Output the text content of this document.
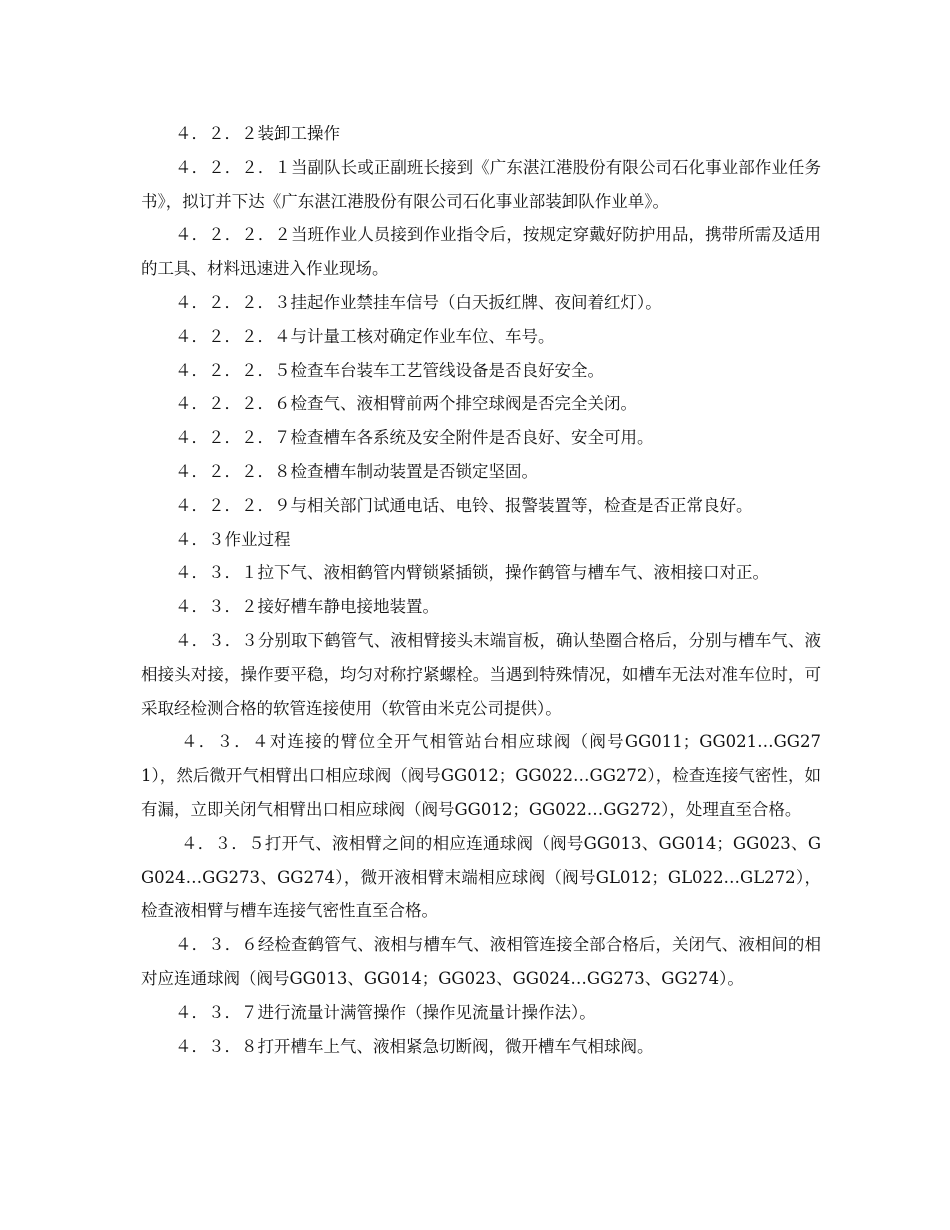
４．２．２装卸工操作

４．２．２．１当副队长或正副班长接到《广东湛江港股份有限公司石化事业部作业任务书》，拟订并下达《广东湛江港股份有限公司石化事业部装卸队作业单》。

４．２．２．２当班作业人员接到作业指令后，按规定穿戴好防护用品，携带所需及适用的工具、材料迅速进入作业现场。

４．２．２．３挂起作业禁挂车信号（白天扳红牌、夜间着红灯）。

４．２．２．４与计量工核对确定作业车位、车号。

４．２．２．５检查车台装车工艺管线设备是否良好安全。

４．２．２．６检查气、液相臂前两个排空球阀是否完全关闭。

４．２．２．７检查槽车各系统及安全附件是否良好、安全可用。

４．２．２．８检查槽车制动装置是否锁定坚固。

４．２．２．９与相关部门试通电话、电铃、报警装置等，检查是否正常良好。

４．３作业过程

４．３．１拉下气、液相鹤管内臂锁紧插锁，操作鹤管与槽车气、液相接口对正。

４．３．２接好槽车静电接地装置。

４．３．３分别取下鹤管气、液相臂接头末端盲板，确认垫圈合格后，分别与槽车气、液相接头对接，操作要平稳，均匀对称拧紧螺栓。当遇到特殊情况，如槽车无法对准车位时，可采取经检测合格的软管连接使用（软管由米克公司提供）。

４．３．４对连接的臂位全开气相管站台相应球阀（阀号GG011；GG021…GG271），然后微开气相臂出口相应球阀（阀号GG012；GG022…GG272），检查连接气密性，如有漏，立即关闭气相臂出口相应球阀（阀号GG012；GG022…GG272），处理直至合格。

４．３．５打开气、液相臂之间的相应连通球阀（阀号GG013、GG014；GG023、GG024…GG273、GG274），微开液相臂末端相应球阀（阀号GL012；GL022…GL272），检查液相臂与槽车连接气密性直至合格。

４．３．６经检查鹤管气、液相与槽车气、液相管连接全部合格后，关闭气、液相间的相对应连通球阀（阀号GG013、GG014；GG023、GG024…GG273、GG274）。

４．３．７进行流量计满管操作（操作见流量计操作法）。

４．３．８打开槽车上气、液相紧急切断阀，微开槽车气相球阀。
